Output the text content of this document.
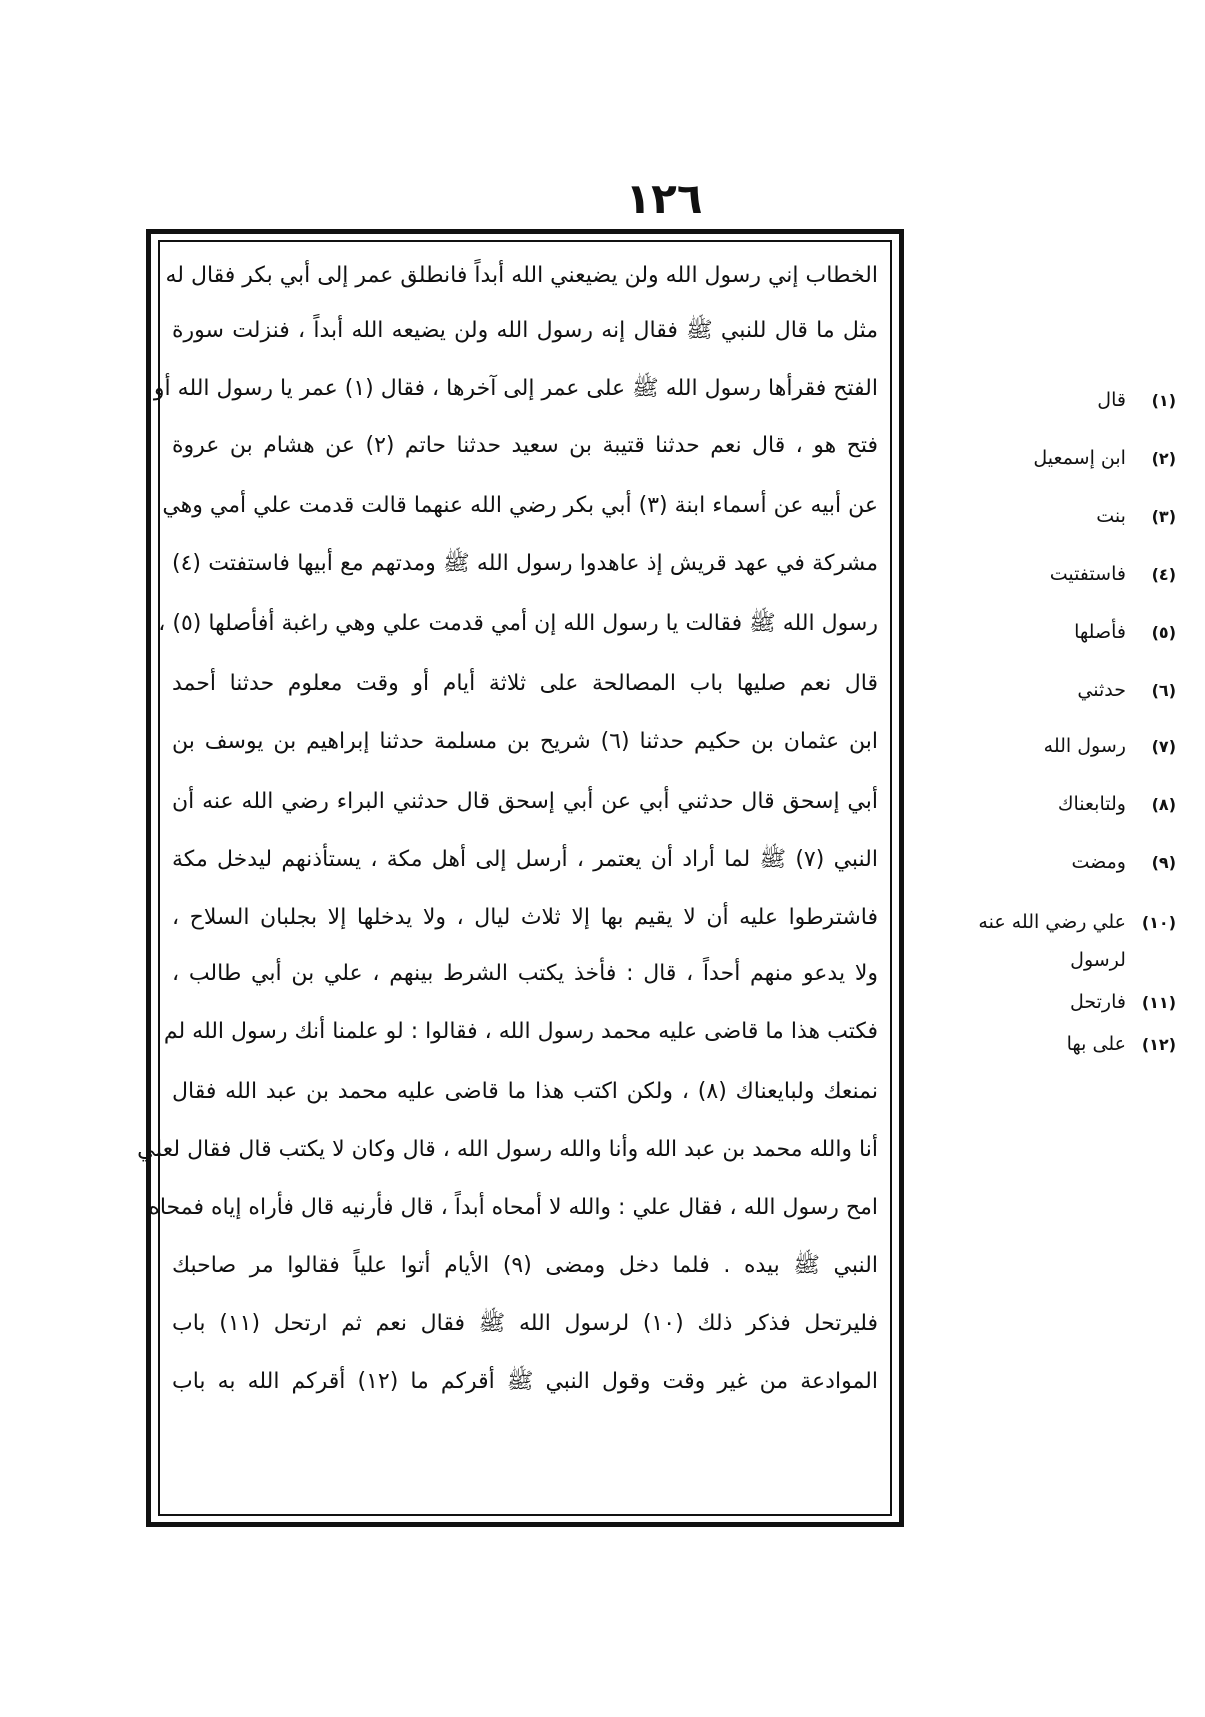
١٢٦
الخطاب إني رسول الله ولن يضيعني الله أبداً فانطلق عمر إلى أبي بكر فقال له
مثل ما قال للنبي ﷺ فقال إنه رسول الله ولن يضيعه الله أبداً ، فنزلت سورة
الفتح فقرأها رسول الله ﷺ على عمر إلى آخرها ، فقال (١) عمر يا رسول الله أو
فتح هو ، قال نعم حدثنا قتيبة بن سعيد حدثنا حاتم (٢) عن هشام بن عروة
عن أبيه عن أسماء ابنة (٣) أبي بكر رضي الله عنهما قالت قدمت علي أمي وهي
مشركة في عهد قريش إذ عاهدوا رسول الله ﷺ ومدتهم مع أبيها فاستفتت (٤)
رسول الله ﷺ فقالت يا رسول الله إن أمي قدمت علي وهي راغبة أفأصلها (٥) ،
قال نعم صليها باب المصالحة على ثلاثة أيام أو وقت معلوم حدثنا أحمد
ابن عثمان بن حكيم حدثنا (٦) شريح بن مسلمة حدثنا إبراهيم بن يوسف بن
أبي إسحق قال حدثني أبي عن أبي إسحق قال حدثني البراء رضي الله عنه أن
النبي (٧) ﷺ لما أراد أن يعتمر ، أرسل إلى أهل مكة ، يستأذنهم ليدخل مكة
فاشترطوا عليه أن لا يقيم بها إلا ثلاث ليال ، ولا يدخلها إلا بجلبان السلاح ،
ولا يدعو منهم أحداً ، قال : فأخذ يكتب الشرط بينهم ، علي بن أبي طالب ،
فكتب هذا ما قاضى عليه محمد رسول الله ، فقالوا : لو علمنا أنك رسول الله لم
نمنعك ولبايعناك (٨) ، ولكن اكتب هذا ما قاضى عليه محمد بن عبد الله فقال
أنا والله محمد بن عبد الله وأنا والله رسول الله ، قال وكان لا يكتب قال فقال لعلي
امح رسول الله ، فقال علي : والله لا أمحاه أبداً ، قال فأرنيه قال فأراه إياه فمحاه
النبي ﷺ بيده . فلما دخل ومضى (٩) الأيام أتوا علياً فقالوا مر صاحبك
فليرتحل فذكر ذلك (١٠) لرسول الله ﷺ فقال نعم ثم ارتحل (١١) باب
الموادعة من غير وقت وقول النبي ﷺ أقركم ما (١٢) أقركم الله به باب
(١) قال
(٢) ابن إسمعيل
(٣) بنت
(٤) فاستفتيت
(٥) فأصلها
(٦) حدثني
(٧) رسول الله
(٨) ولتابعناك
(٩) ومضت
(١٠) علي رضي الله عنه
لرسول
(١١) فارتحل
(١٢) على بها
